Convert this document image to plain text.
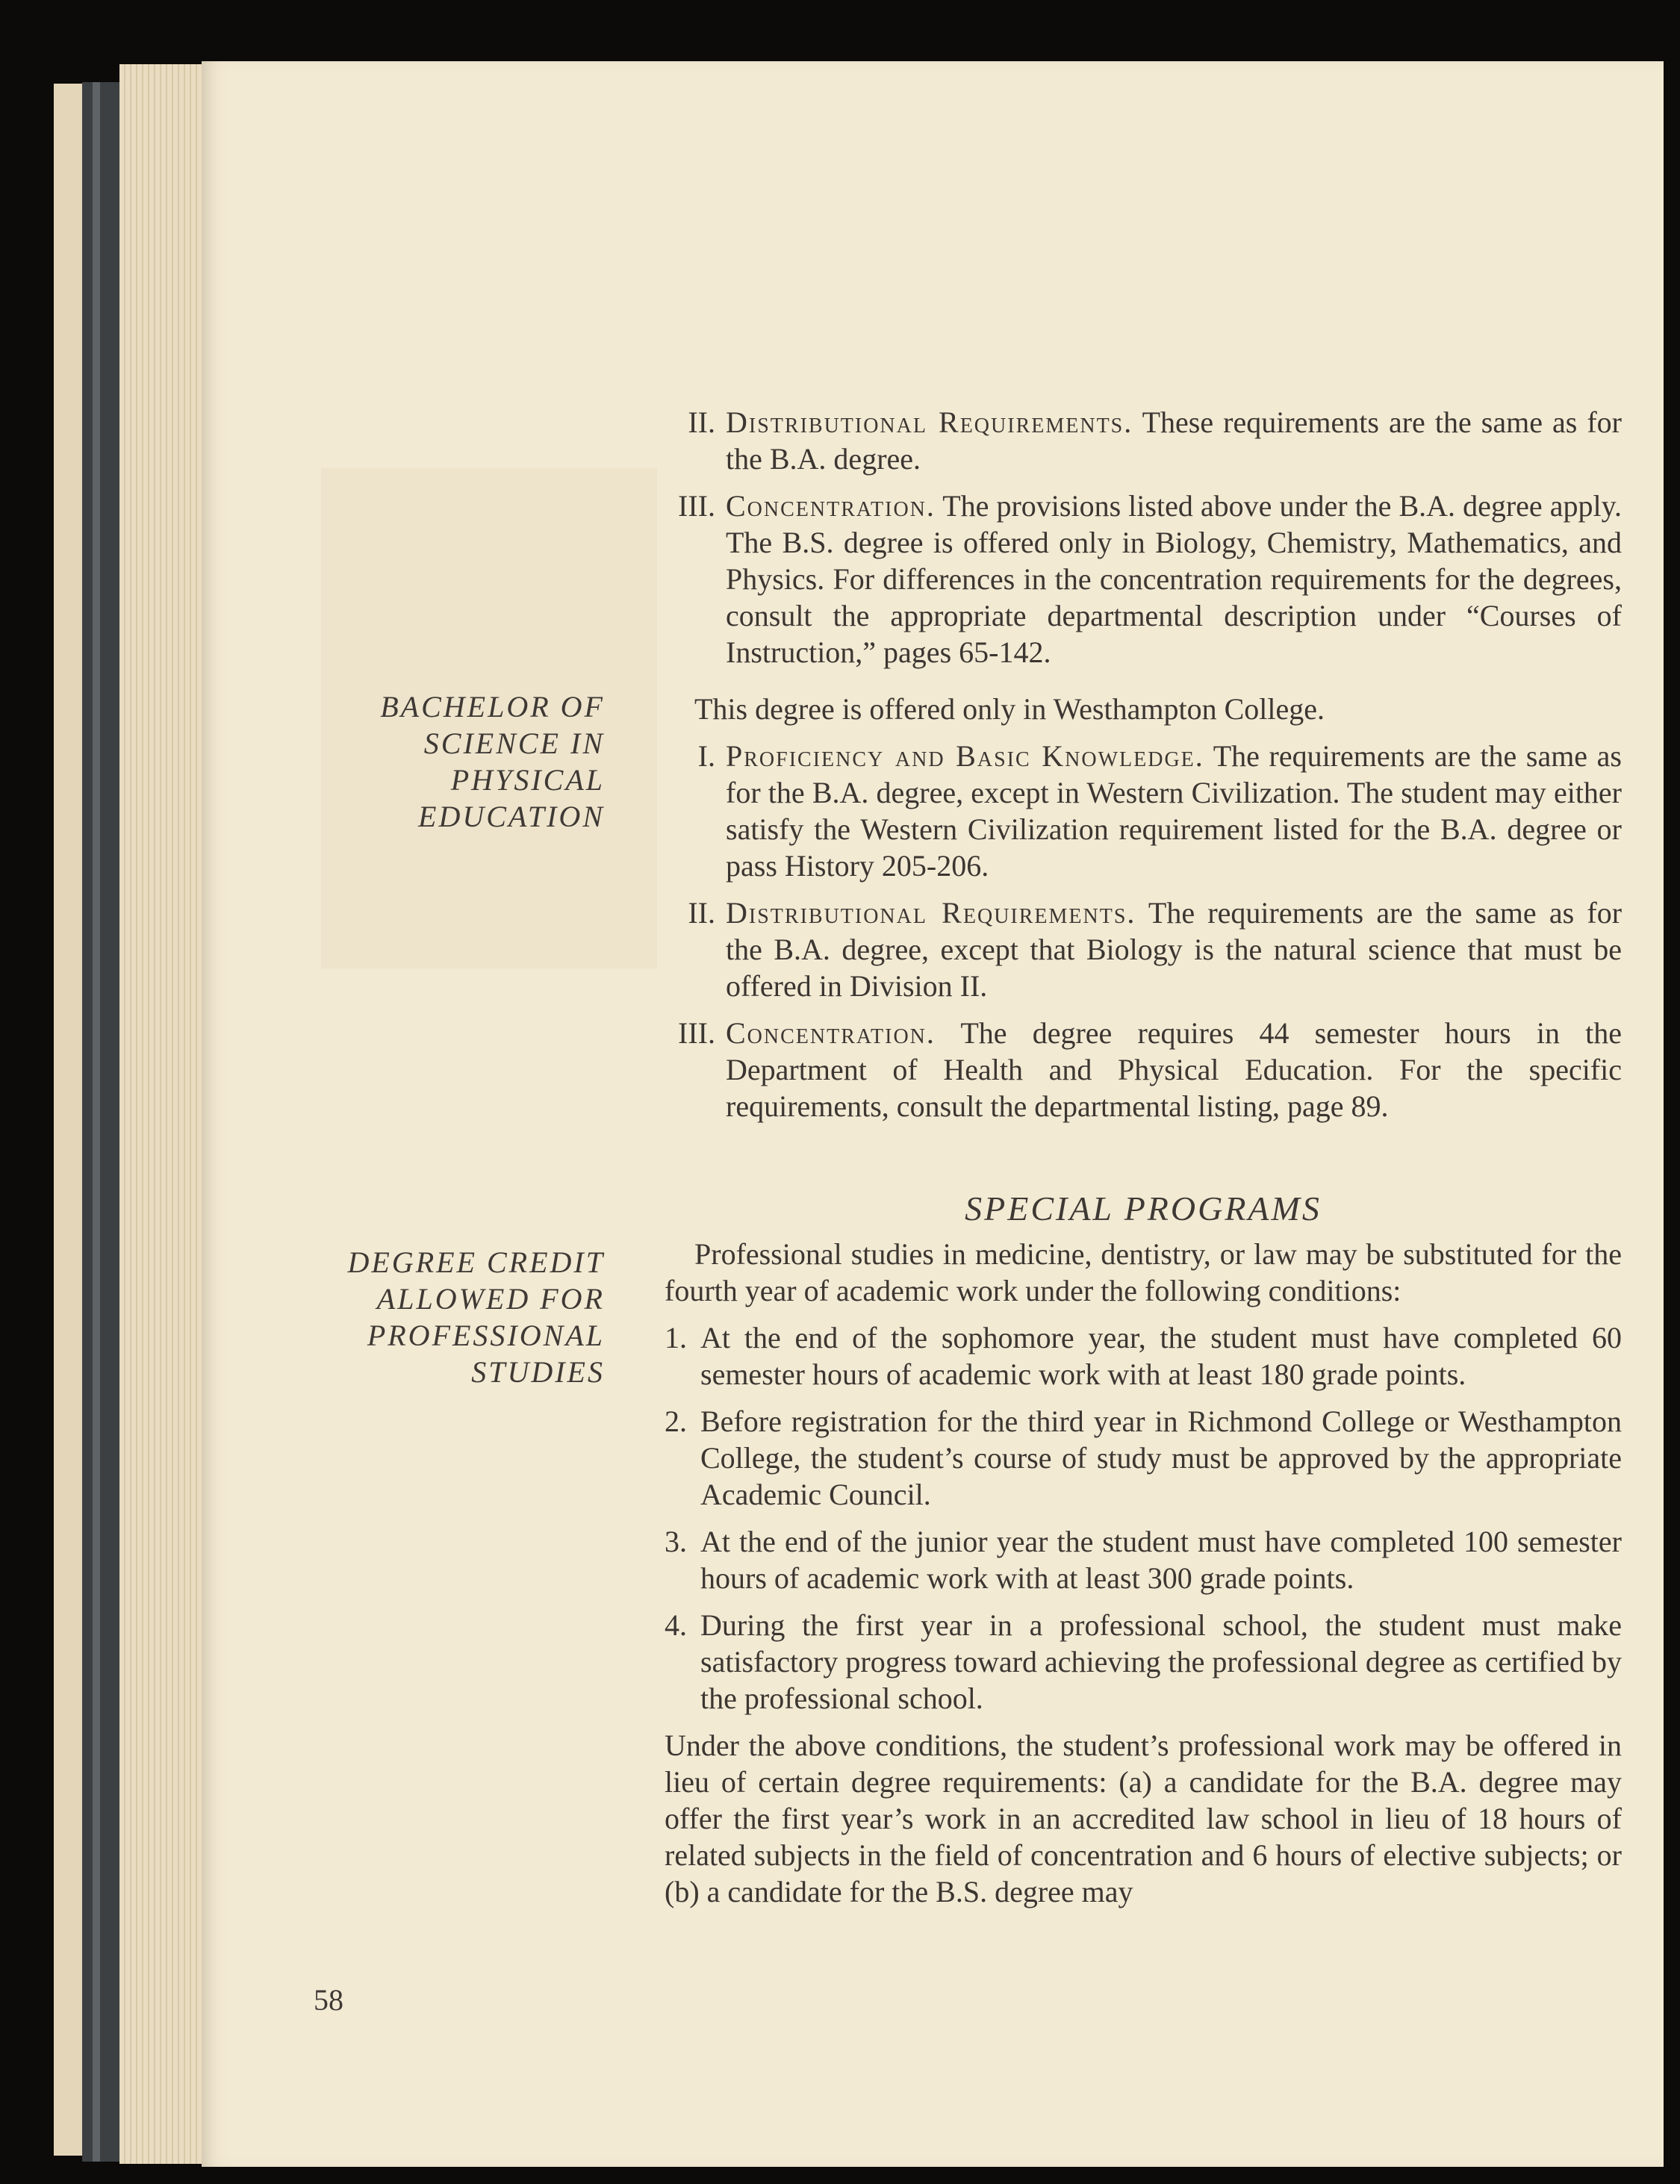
BACHELOR OF
SCIENCE IN
PHYSICAL
EDUCATION
DEGREE CREDIT
ALLOWED FOR
PROFESSIONAL
STUDIES
58
II. Distributional Requirements. These requirements are the same as for the B.A. degree.
III. Concentration. The provisions listed above under the B.A. degree apply. The B.S. degree is offered only in Biology, Chemistry, Mathematics, and Physics. For differences in the concentration requirements for the degrees, consult the appropriate departmental description under “Courses of Instruction,” pages 65-142.
This degree is offered only in Westhampton College.
I. Proficiency and Basic Knowledge. The requirements are the same as for the B.A. degree, except in Western Civilization. The student may either satisfy the Western Civilization requirement listed for the B.A. degree or pass History 205-206.
II. Distributional Requirements. The requirements are the same as for the B.A. degree, except that Biology is the natural science that must be offered in Division II.
III. Concentration. The degree requires 44 semester hours in the Department of Health and Physical Education. For the specific requirements, consult the departmental listing, page 89.
SPECIAL PROGRAMS
Professional studies in medicine, dentistry, or law may be substituted for the fourth year of academic work under the following conditions:
1. At the end of the sophomore year, the student must have completed 60 semester hours of academic work with at least 180 grade points.
2. Before registration for the third year in Richmond College or Westhampton College, the student’s course of study must be approved by the appropriate Academic Council.
3. At the end of the junior year the student must have completed 100 semester hours of academic work with at least 300 grade points.
4. During the first year in a professional school, the student must make satisfactory progress toward achieving the professional degree as certified by the professional school.
Under the above conditions, the student’s professional work may be offered in lieu of certain degree requirements: (a) a candidate for the B.A. degree may offer the first year’s work in an accredited law school in lieu of 18 hours of related subjects in the field of concentration and 6 hours of elective subjects; or (b) a candidate for the B.S. degree may
